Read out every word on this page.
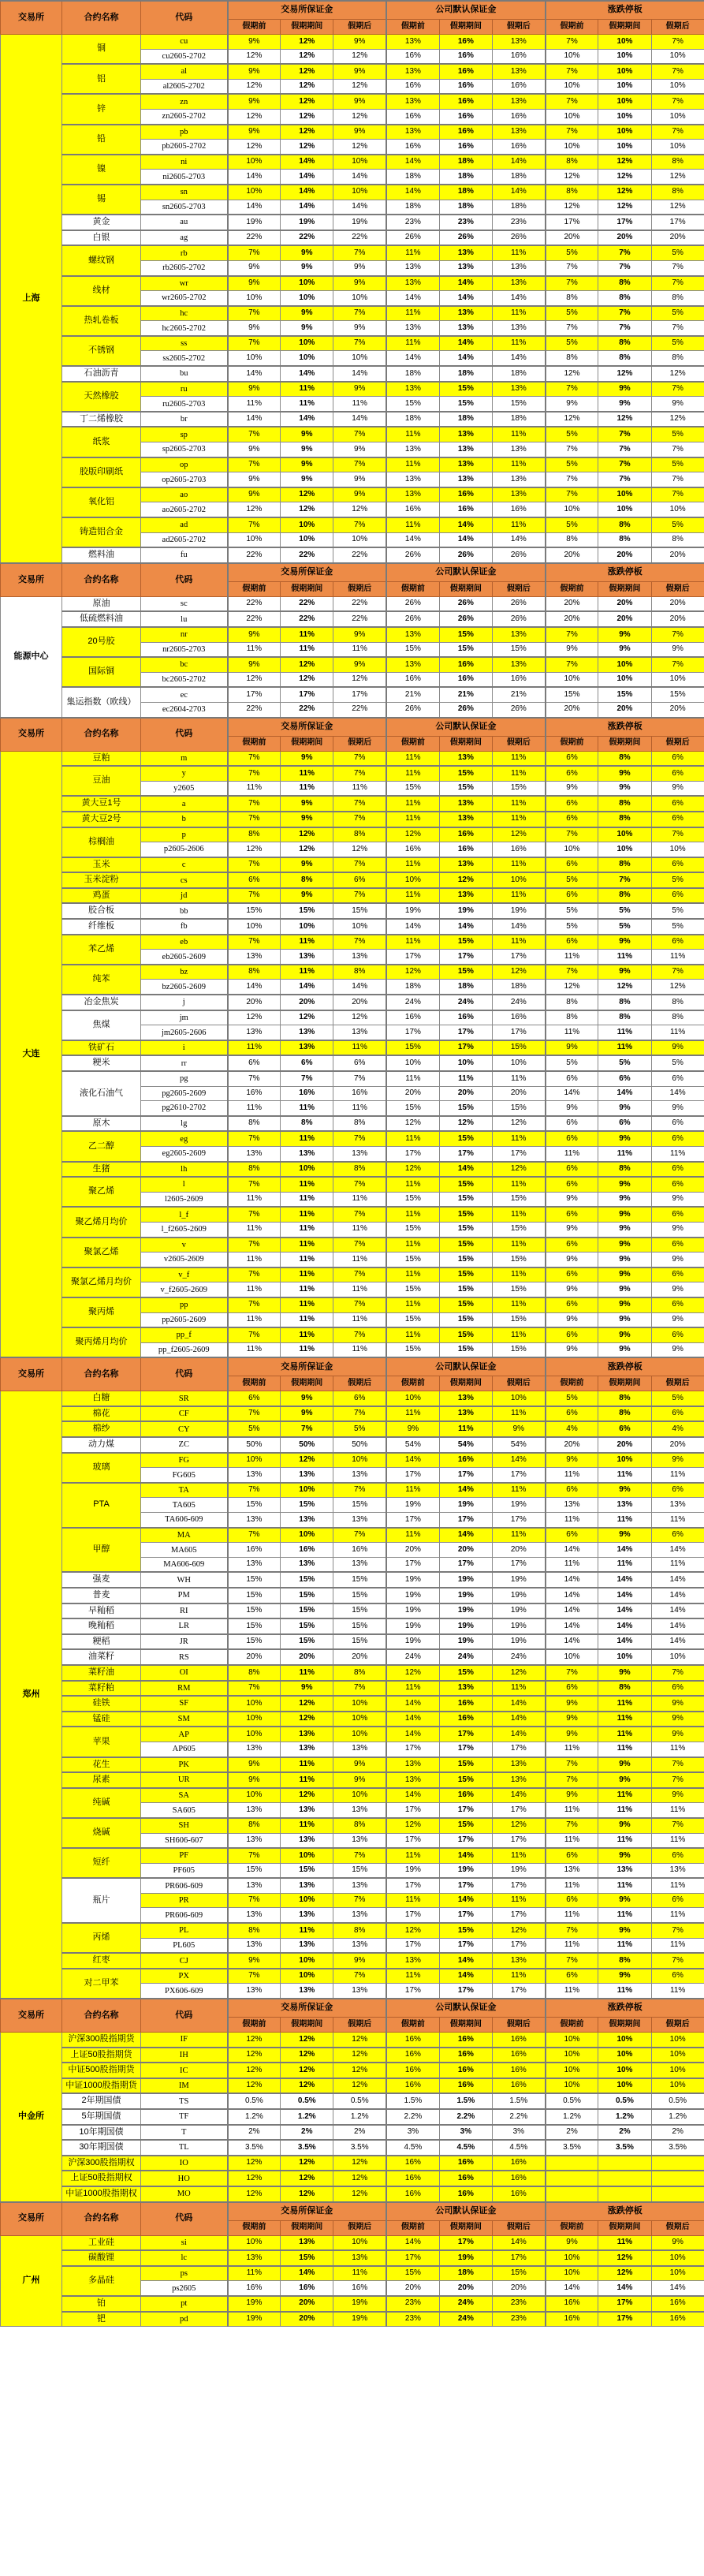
交易所	合约名称	代码	交易所保证金			公司默认保证金			涨跌停板		
			假期前	假期期间	假期后	假期前	假期期间	假期后	假期前	假期期间	假期后

上海	铜	cu	9%	12%	9%	13%	16%	13%	7%	10%	7%
		cu2605-2702	12%	12%	12%	16%	16%	16%	10%	10%	10%
	铝	al	9%	12%	9%	13%	16%	13%	7%	10%	7%
		al2605-2702	12%	12%	12%	16%	16%	16%	10%	10%	10%
	锌	zn	9%	12%	9%	13%	16%	13%	7%	10%	7%
		zn2605-2702	12%	12%	12%	16%	16%	16%	10%	10%	10%
	铅	pb	9%	12%	9%	13%	16%	13%	7%	10%	7%
		pb2605-2702	12%	12%	12%	16%	16%	16%	10%	10%	10%
	镍	ni	10%	14%	10%	14%	18%	14%	8%	12%	8%
		ni2605-2703	14%	14%	14%	18%	18%	18%	12%	12%	12%
	锡	sn	10%	14%	10%	14%	18%	14%	8%	12%	8%
		sn2605-2703	14%	14%	14%	18%	18%	18%	12%	12%	12%
	黄金	au	19%	19%	19%	23%	23%	23%	17%	17%	17%
	白银	ag	22%	22%	22%	26%	26%	26%	20%	20%	20%
	螺纹钢	rb	7%	9%	7%	11%	13%	11%	5%	7%	5%
		rb2605-2702	9%	9%	9%	13%	13%	13%	7%	7%	7%
	线材	wr	9%	10%	9%	13%	14%	13%	7%	8%	7%
		wr2605-2702	10%	10%	10%	14%	14%	14%	8%	8%	8%
	热轧卷板	hc	7%	9%	7%	11%	13%	11%	5%	7%	5%
		hc2605-2702	9%	9%	9%	13%	13%	13%	7%	7%	7%
	不锈钢	ss	7%	10%	7%	11%	14%	11%	5%	8%	5%
		ss2605-2702	10%	10%	10%	14%	14%	14%	8%	8%	8%
	石油沥青	bu	14%	14%	14%	18%	18%	18%	12%	12%	12%
	天然橡胶	ru	9%	11%	9%	13%	15%	13%	7%	9%	7%
		ru2605-2703	11%	11%	11%	15%	15%	15%	9%	9%	9%
	丁二烯橡胶	br	14%	14%	14%	18%	18%	18%	12%	12%	12%
	纸浆	sp	7%	9%	7%	11%	13%	11%	5%	7%	5%
		sp2605-2703	9%	9%	9%	13%	13%	13%	7%	7%	7%
	胶版印刷纸	op	7%	9%	7%	11%	13%	11%	5%	7%	5%
		op2605-2703	9%	9%	9%	13%	13%	13%	7%	7%	7%
	氧化铝	ao	9%	12%	9%	13%	16%	13%	7%	10%	7%
		ao2605-2702	12%	12%	12%	16%	16%	16%	10%	10%	10%
	铸造铝合金	ad	7%	10%	7%	11%	14%	11%	5%	8%	5%
		ad2605-2702	10%	10%	10%	14%	14%	14%	8%	8%	8%
	燃料油	fu	22%	22%	22%	26%	26%	26%	20%	20%	20%
交易所	合约名称	代码	交易所保证金			公司默认保证金			涨跌停板		
			假期前	假期期间	假期后	假期前	假期期间	假期后	假期前	假期期间	假期后

能源中心	原油	sc	22%	22%	22%	26%	26%	26%	20%	20%	20%
	低硫燃料油	lu	22%	22%	22%	26%	26%	26%	20%	20%	20%
	20号胶	nr	9%	11%	9%	13%	15%	13%	7%	9%	7%
		nr2605-2703	11%	11%	11%	15%	15%	15%	9%	9%	9%
	国际铜	bc	9%	12%	9%	13%	16%	13%	7%	10%	7%
		bc2605-2702	12%	12%	12%	16%	16%	16%	10%	10%	10%
	集运指数（欧线）	ec	17%	17%	17%	21%	21%	21%	15%	15%	15%
		ec2604-2703	22%	22%	22%	26%	26%	26%	20%	20%	20%
交易所	合约名称	代码	交易所保证金			公司默认保证金			涨跌停板		
			假期前	假期期间	假期后	假期前	假期期间	假期后	假期前	假期期间	假期后

大连	豆粕	m	7%	9%	7%	11%	13%	11%	6%	8%	6%
	豆油	y	7%	11%	7%	11%	15%	11%	6%	9%	6%
		y2605	11%	11%	11%	15%	15%	15%	9%	9%	9%
	黄大豆1号	a	7%	9%	7%	11%	13%	11%	6%	8%	6%
	黄大豆2号	b	7%	9%	7%	11%	13%	11%	6%	8%	6%
	棕榈油	p	8%	12%	8%	12%	16%	12%	7%	10%	7%
		p2605-2606	12%	12%	12%	16%	16%	16%	10%	10%	10%
	玉米	c	7%	9%	7%	11%	13%	11%	6%	8%	6%
	玉米淀粉	cs	6%	8%	6%	10%	12%	10%	5%	7%	5%
	鸡蛋	jd	7%	9%	7%	11%	13%	11%	6%	8%	6%
	胶合板	bb	15%	15%	15%	19%	19%	19%	5%	5%	5%
	纤维板	fb	10%	10%	10%	14%	14%	14%	5%	5%	5%
	苯乙烯	eb	7%	11%	7%	11%	15%	11%	6%	9%	6%
		eb2605-2609	13%	13%	13%	17%	17%	17%	11%	11%	11%
	纯苯	bz	8%	11%	8%	12%	15%	12%	7%	9%	7%
		bz2605-2609	14%	14%	14%	18%	18%	18%	12%	12%	12%
	冶金焦炭	j	20%	20%	20%	24%	24%	24%	8%	8%	8%
	焦煤	jm	12%	12%	12%	16%	16%	16%	8%	8%	8%
		jm2605-2606	13%	13%	13%	17%	17%	17%	11%	11%	11%
	铁矿石	i	11%	13%	11%	15%	17%	15%	9%	11%	9%
	粳米	rr	6%	6%	6%	10%	10%	10%	5%	5%	5%
	液化石油气	pg	7%	7%	7%	11%	11%	11%	6%	6%	6%
		pg2605-2609	16%	16%	16%	20%	20%	20%	14%	14%	14%
		pg2610-2702	11%	11%	11%	15%	15%	15%	9%	9%	9%
	原木	lg	8%	8%	8%	12%	12%	12%	6%	6%	6%
	乙二醇	eg	7%	11%	7%	11%	15%	11%	6%	9%	6%
		eg2605-2609	13%	13%	13%	17%	17%	17%	11%	11%	11%
	生猪	lh	8%	10%	8%	12%	14%	12%	6%	8%	6%
	聚乙烯	l	7%	11%	7%	11%	15%	11%	6%	9%	6%
		l2605-2609	11%	11%	11%	15%	15%	15%	9%	9%	9%
	聚乙烯月均价	l_f	7%	11%	7%	11%	15%	11%	6%	9%	6%
		l_f2605-2609	11%	11%	11%	15%	15%	15%	9%	9%	9%
	聚氯乙烯	v	7%	11%	7%	11%	15%	11%	6%	9%	6%
		v2605-2609	11%	11%	11%	15%	15%	15%	9%	9%	9%
	聚氯乙烯月均价	v_f	7%	11%	7%	11%	15%	11%	6%	9%	6%
		v_f2605-2609	11%	11%	11%	15%	15%	15%	9%	9%	9%
	聚丙烯	pp	7%	11%	7%	11%	15%	11%	6%	9%	6%
		pp2605-2609	11%	11%	11%	15%	15%	15%	9%	9%	9%
	聚丙烯月均价	pp_f	7%	11%	7%	11%	15%	11%	6%	9%	6%
		pp_f2605-2609	11%	11%	11%	15%	15%	15%	9%	9%	9%
交易所	合约名称	代码	交易所保证金			公司默认保证金			涨跌停板		
			假期前	假期期间	假期后	假期前	假期期间	假期后	假期前	假期期间	假期后

郑州	白糖	SR	6%	9%	6%	10%	13%	10%	5%	8%	5%
	棉花	CF	7%	9%	7%	11%	13%	11%	6%	8%	6%
	棉纱	CY	5%	7%	5%	9%	11%	9%	4%	6%	4%
	动力煤	ZC	50%	50%	50%	54%	54%	54%	20%	20%	20%
	玻璃	FG	10%	12%	10%	14%	16%	14%	9%	10%	9%
		FG605	13%	13%	13%	17%	17%	17%	11%	11%	11%
	PTA	TA	7%	10%	7%	11%	14%	11%	6%	9%	6%
		TA605	15%	15%	15%	19%	19%	19%	13%	13%	13%
		TA606-609	13%	13%	13%	17%	17%	17%	11%	11%	11%
	甲醇	MA	7%	10%	7%	11%	14%	11%	6%	9%	6%
		MA605	16%	16%	16%	20%	20%	20%	14%	14%	14%
		MA606-609	13%	13%	13%	17%	17%	17%	11%	11%	11%
	强麦	WH	15%	15%	15%	19%	19%	19%	14%	14%	14%
	普麦	PM	15%	15%	15%	19%	19%	19%	14%	14%	14%
	早籼稻	RI	15%	15%	15%	19%	19%	19%	14%	14%	14%
	晚籼稻	LR	15%	15%	15%	19%	19%	19%	14%	14%	14%
	粳稻	JR	15%	15%	15%	19%	19%	19%	14%	14%	14%
	油菜籽	RS	20%	20%	20%	24%	24%	24%	10%	10%	10%
	菜籽油	OI	8%	11%	8%	12%	15%	12%	7%	9%	7%
	菜籽粕	RM	7%	9%	7%	11%	13%	11%	6%	8%	6%
	硅铁	SF	10%	12%	10%	14%	16%	14%	9%	11%	9%
	锰硅	SM	10%	12%	10%	14%	16%	14%	9%	11%	9%
	苹果	AP	10%	13%	10%	14%	17%	14%	9%	11%	9%
		AP605	13%	13%	13%	17%	17%	17%	11%	11%	11%
	花生	PK	9%	11%	9%	13%	15%	13%	7%	9%	7%
	尿素	UR	9%	11%	9%	13%	15%	13%	7%	9%	7%
	纯碱	SA	10%	12%	10%	14%	16%	14%	9%	11%	9%
		SA605	13%	13%	13%	17%	17%	17%	11%	11%	11%
	烧碱	SH	8%	11%	8%	12%	15%	12%	7%	9%	7%
		SH606-607	13%	13%	13%	17%	17%	17%	11%	11%	11%
	短纤	PF	7%	10%	7%	11%	14%	11%	6%	9%	6%
		PF605	15%	15%	15%	19%	19%	19%	13%	13%	13%
	瓶片	PR606-609	13%	13%	13%	17%	17%	17%	11%	11%	11%
		PR	7%	10%	7%	11%	14%	11%	6%	9%	6%
		PR606-609	13%	13%	13%	17%	17%	17%	11%	11%	11%
	丙烯	PL	8%	11%	8%	12%	15%	12%	7%	9%	7%
		PL605	13%	13%	13%	17%	17%	17%	11%	11%	11%
	红枣	CJ	9%	10%	9%	13%	14%	13%	7%	8%	7%
	对二甲苯	PX	7%	10%	7%	11%	14%	11%	6%	9%	6%
		PX606-609	13%	13%	13%	17%	17%	17%	11%	11%	11%
交易所	合约名称	代码	交易所保证金			公司默认保证金			涨跌停板		
			假期前	假期期间	假期后	假期前	假期期间	假期后	假期前	假期期间	假期后

中金所	沪深300股指期货	IF	12%	12%	12%	16%	16%	16%	10%	10%	10%
	上证50股指期货	IH	12%	12%	12%	16%	16%	16%	10%	10%	10%
	中证500股指期货	IC	12%	12%	12%	16%	16%	16%	10%	10%	10%
	中证1000股指期货	IM	12%	12%	12%	16%	16%	16%	10%	10%	10%
	2年期国债	TS	0.5%	0.5%	0.5%	1.5%	1.5%	1.5%	0.5%	0.5%	0.5%
	5年期国债	TF	1.2%	1.2%	1.2%	2.2%	2.2%	2.2%	1.2%	1.2%	1.2%
	10年期国债	T	2%	2%	2%	3%	3%	3%	2%	2%	2%
	30年期国债	TL	3.5%	3.5%	3.5%	4.5%	4.5%	4.5%	3.5%	3.5%	3.5%
	沪深300股指期权	IO	12%	12%	12%	16%	16%	16%			
	上证50股指期权	HO	12%	12%	12%	16%	16%	16%			
	中证1000股指期权	MO	12%	12%	12%	16%	16%	16%			
交易所	合约名称	代码	交易所保证金			公司默认保证金			涨跌停板		
			假期前	假期期间	假期后	假期前	假期期间	假期后	假期前	假期期间	假期后

广州	工业硅	si	10%	13%	10%	14%	17%	14%	9%	11%	9%
	碳酸锂	lc	13%	15%	13%	17%	19%	17%	10%	12%	10%
	多晶硅	ps	11%	14%	11%	15%	18%	15%	10%	12%	10%
		ps2605	16%	16%	16%	20%	20%	20%	14%	14%	14%
	铂	pt	19%	20%	19%	23%	24%	23%	16%	17%	16%
	钯	pd	19%	20%	19%	23%	24%	23%	16%	17%	16%
